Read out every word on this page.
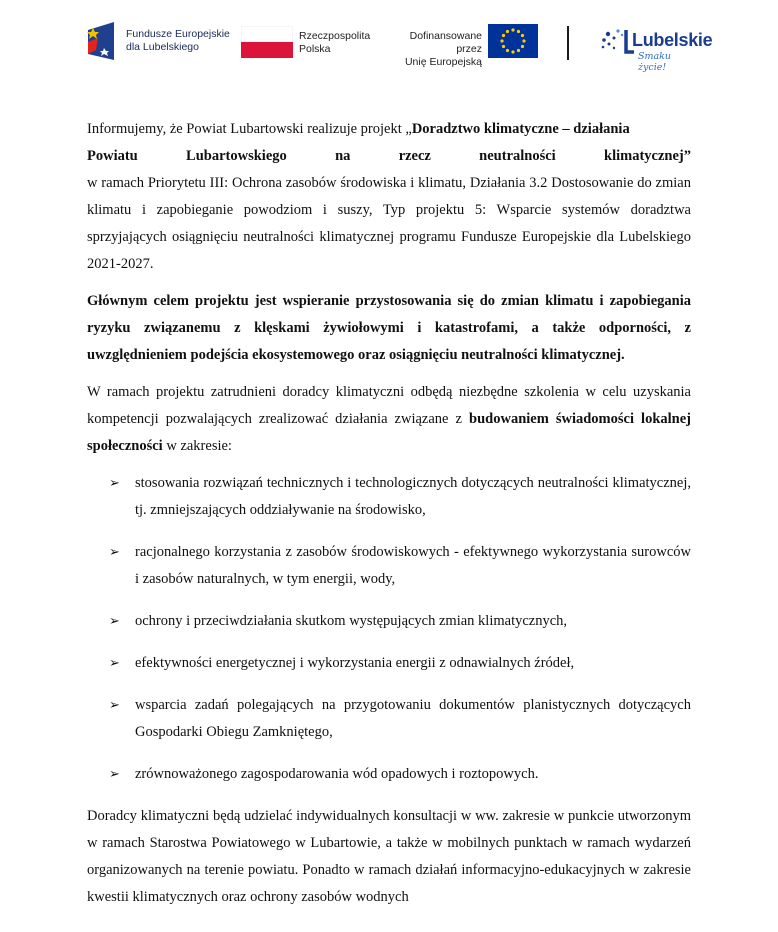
Fundusze Europejskie
dla Lubelskiego
Rzeczpospolita
Polska
Dofinansowane przez
Unię Europejską
Lubelskie
Smaku życie!
Informujemy, że Powiat Lubartowski realizuje projekt „Doradztwo klimatyczne – działania
Powiatu	Lubartowskiego	na	rzecz	neutralności	klimatycznej”
w ramach Priorytetu III: Ochrona zasobów środowiska i klimatu, Działania 3.2 Dostosowanie do zmian klimatu i zapobieganie powodziom i suszy, Typ projektu 5: Wsparcie systemów doradztwa sprzyjających osiągnięciu neutralności klimatycznej programu Fundusze Europejskie dla Lubelskiego 2021-2027.
Głównym celem projektu jest wspieranie przystosowania się do zmian klimatu i zapobiegania ryzyku związanemu z klęskami żywiołowymi i katastrofami, a także odporności, z uwzględnieniem podejścia ekosystemowego oraz osiągnięciu neutralności klimatycznej.
W ramach projektu zatrudnieni doradcy klimatyczni odbędą niezbędne szkolenia w celu uzyskania kompetencji pozwalających zrealizować działania związane z budowaniem świadomości lokalnej społeczności w zakresie:
➢ stosowania rozwiązań technicznych i technologicznych dotyczących neutralności klimatycznej, tj. zmniejszających oddziaływanie na środowisko,
➢ racjonalnego korzystania z zasobów środowiskowych - efektywnego wykorzystania surowców i zasobów naturalnych, w tym energii, wody,
➢ ochrony i przeciwdziałania skutkom występujących zmian klimatycznych,
➢ efektywności energetycznej i wykorzystania energii z odnawialnych źródeł,
➢ wsparcia zadań polegających na przygotowaniu dokumentów planistycznych dotyczących Gospodarki Obiegu Zamkniętego,
➢ zrównoważonego zagospodarowania wód opadowych i roztopowych.
Doradcy klimatyczni będą udzielać indywidualnych konsultacji w ww. zakresie w punkcie utworzonym w ramach Starostwa Powiatowego w Lubartowie, a także w mobilnych punktach w ramach wydarzeń organizowanych na terenie powiatu. Ponadto w ramach działań informacyjno-edukacyjnych w zakresie kwestii klimatycznych oraz ochrony zasobów wodnych
